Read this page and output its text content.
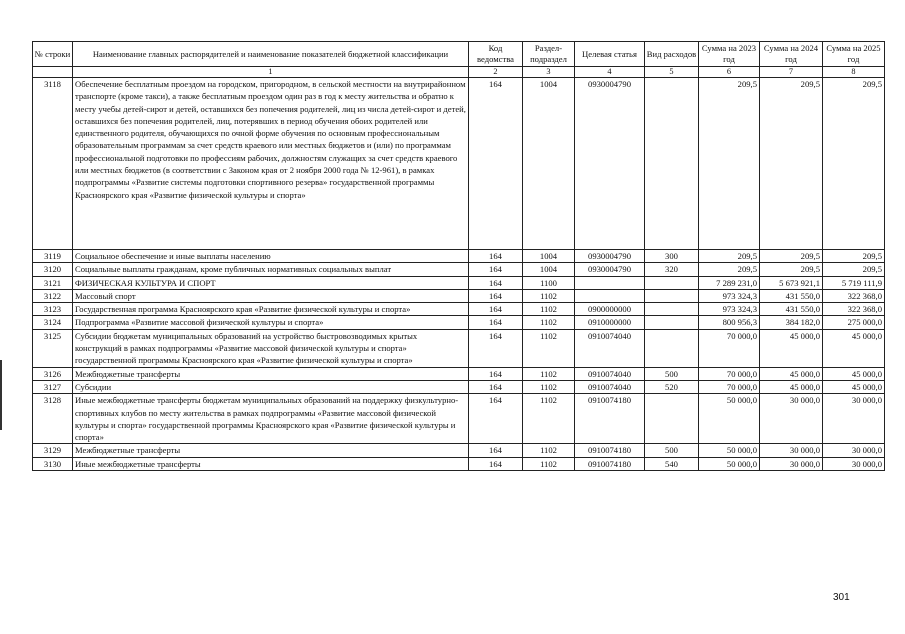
№ строки	Наименование главных распорядителей и наименование показателей бюджетной классификации	Код ведомства	Раздел-подраздел	Целевая статья	Вид расходов	Сумма на 2023 год	Сумма на 2024 год	Сумма на 2025 год
	1	2	3	4	5	6	7	8
3118	Обеспечение бесплатным проездом на городском, пригородном, в сельской местности на внутрирайонном транспорте (кроме такси), а также бесплатным проездом один раз в год к месту жительства и обратно к месту учебы детей-сирот и детей, оставшихся без попечения родителей, лиц из числа детей-сирот и детей, оставшихся без попечения родителей, лиц, потерявших в период обучения обоих родителей или единственного родителя, обучающихся по очной форме обучения по основным профессиональным образовательным программам за счет средств краевого или местных бюджетов и (или) по программам профессиональной подготовки по профессиям рабочих, должностям служащих за счет средств краевого или местных бюджетов (в соответствии с Законом края от 2 ноября 2000 года № 12-961), в рамках подпрограммы «Развитие системы подготовки спортивного резерва» государственной программы Красноярского края «Развитие физической культуры и спорта»	164	1004	0930004790		209,5	209,5	209,5
3119	Социальное обеспечение и иные выплаты населению	164	1004	0930004790	300	209,5	209,5	209,5
3120	Социальные выплаты гражданам, кроме публичных нормативных социальных выплат	164	1004	0930004790	320	209,5	209,5	209,5
3121	ФИЗИЧЕСКАЯ КУЛЬТУРА И СПОРТ	164	1100			7 289 231,0	5 673 921,1	5 719 111,9
3122	Массовый спорт	164	1102			973 324,3	431 550,0	322 368,0
3123	Государственная программа Красноярского края «Развитие физической культуры и спорта»	164	1102	0900000000		973 324,3	431 550,0	322 368,0
3124	Подпрограмма «Развитие массовой физической культуры и спорта»	164	1102	0910000000		800 956,3	384 182,0	275 000,0
3125	Субсидии бюджетам муниципальных образований на устройство быстровозводимых крытых конструкций в рамках подпрограммы «Развитие массовой физической культуры и спорта» государственной программы Красноярского края «Развитие физической культуры и спорта»	164	1102	0910074040		70 000,0	45 000,0	45 000,0
3126	Межбюджетные трансферты	164	1102	0910074040	500	70 000,0	45 000,0	45 000,0
3127	Субсидии	164	1102	0910074040	520	70 000,0	45 000,0	45 000,0
3128	Иные межбюджетные трансферты бюджетам муниципальных образований на поддержку физкультурно-спортивных клубов по месту жительства в рамках подпрограммы «Развитие массовой физической культуры и спорта» государственной программы Красноярского края «Развитие физической культуры и спорта»	164	1102	0910074180		50 000,0	30 000,0	30 000,0
3129	Межбюджетные трансферты	164	1102	0910074180	500	50 000,0	30 000,0	30 000,0
3130	Иные межбюджетные трансферты	164	1102	0910074180	540	50 000,0	30 000,0	30 000,0
301
